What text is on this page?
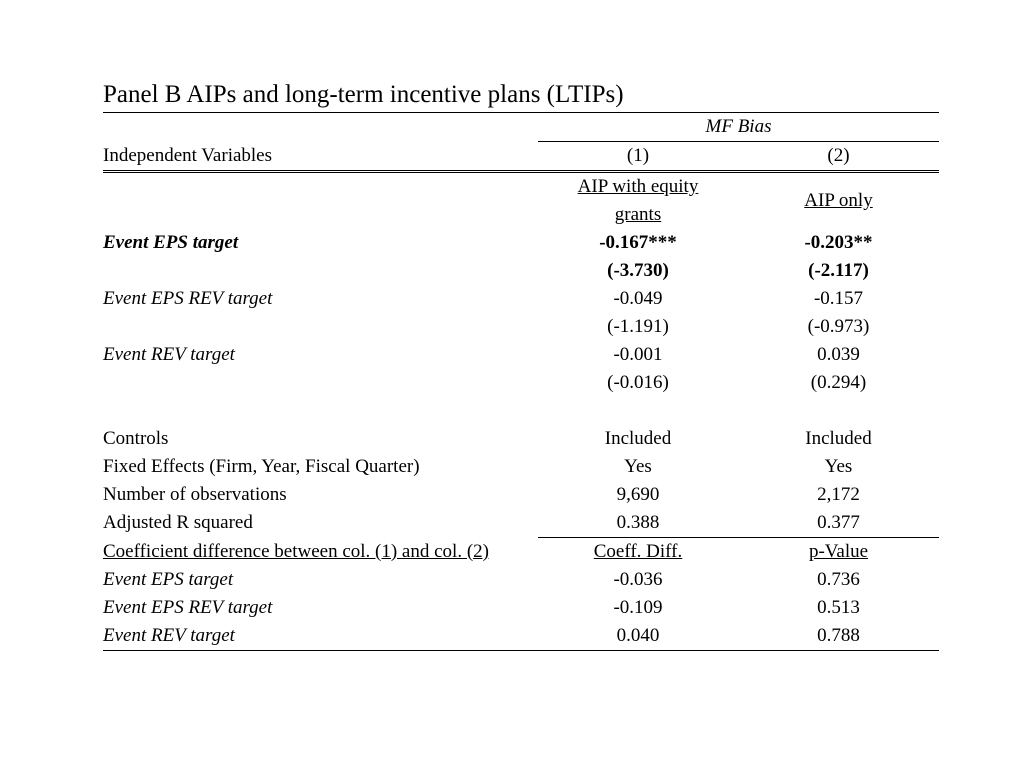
Panel B AIPs and long-term incentive plans (LTIPs)
	MF Bias	
Independent Variables	(1)	(2)

	AIP with equity grants	AIP only
Event EPS target	-0.167***	-0.203**
	(-3.730)	(-2.117)
Event EPS REV target	-0.049	-0.157
	(-1.191)	(-0.973)
Event REV target	-0.001	0.039
	(-0.016)	(0.294)

Controls	Included	Included
Fixed Effects (Firm, Year, Fiscal Quarter)	Yes	Yes
Number of observations	9,690	2,172
Adjusted R squared	0.388	0.377

Coefficient difference between col. (1) and col. (2)	Coeff. Diff.	p-Value
Event EPS target	-0.036	0.736
Event EPS REV target	-0.109	0.513
Event REV target	0.040	0.788
